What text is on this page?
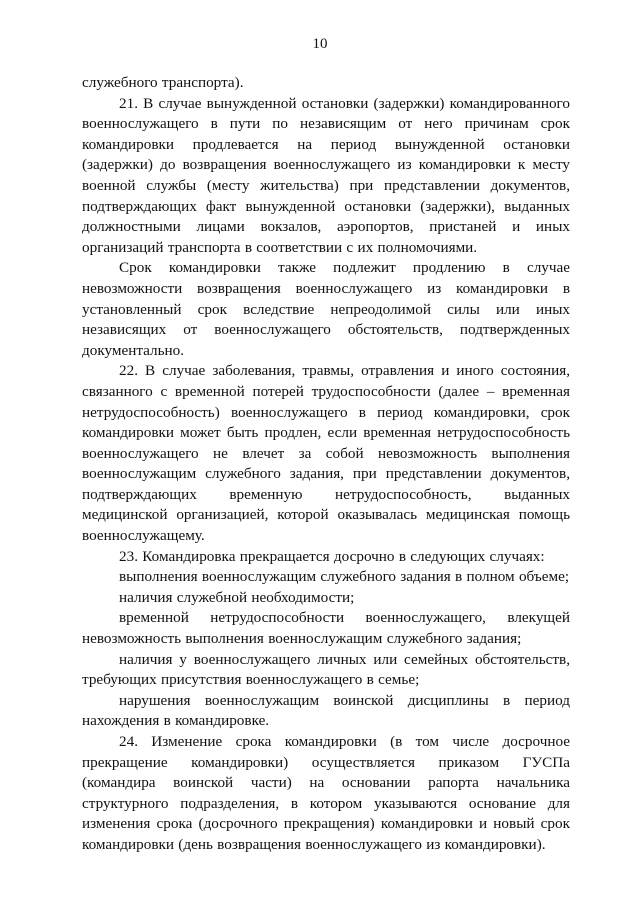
10

служебного транспорта).

21. В случае вынужденной остановки (задержки) командированного военнослужащего в пути по независящим от него причинам срок командировки продлевается на период вынужденной остановки (задержки) до возвращения военнослужащего из командировки к месту военной службы (месту жительства) при представлении документов, подтверждающих факт вынужденной остановки (задержки), выданных должностными лицами вокзалов, аэропортов, пристаней и иных организаций транспорта в соответствии с их полномочиями.

Срок командировки также подлежит продлению в случае невозможности возвращения военнослужащего из командировки в установленный срок вследствие непреодолимой силы или иных независящих от военнослужащего обстоятельств, подтвержденных документально.

22. В случае заболевания, травмы, отравления и иного состояния, связанного с временной потерей трудоспособности (далее – временная нетрудоспособность) военнослужащего в период командировки, срок командировки может быть продлен, если временная нетрудоспособность военнослужащего не влечет за собой невозможность выполнения военнослужащим служебного задания, при представлении документов, подтверждающих временную нетрудоспособность, выданных медицинской организацией, которой оказывалась медицинская помощь военнослужащему.

23. Командировка прекращается досрочно в следующих случаях:

выполнения военнослужащим служебного задания в полном объеме;

наличия служебной необходимости;

временной нетрудоспособности военнослужащего, влекущей невозможность выполнения военнослужащим служебного задания;

наличия у военнослужащего личных или семейных обстоятельств, требующих присутствия военнослужащего в семье;

нарушения военнослужащим воинской дисциплины в период нахождения в командировке.

24. Изменение срока командировки (в том числе досрочное прекращение командировки) осуществляется приказом ГУСПа (командира воинской части) на основании рапорта начальника структурного подразделения, в котором указываются основание для изменения срока (досрочного прекращения) командировки и новый срок командировки (день возвращения военнослужащего из командировки).
